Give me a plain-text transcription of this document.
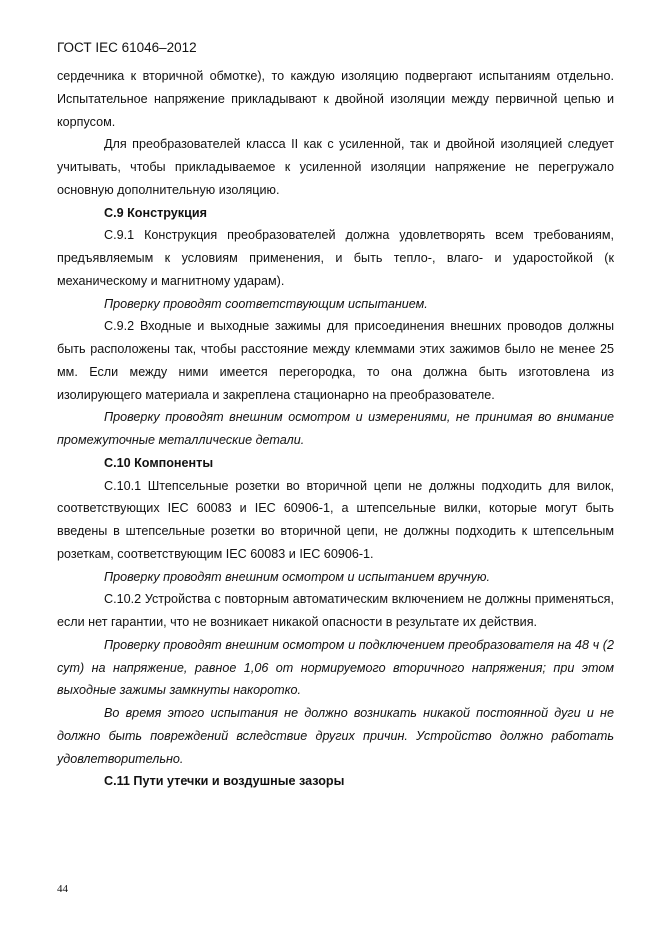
ГОСТ IEC 61046–2012

сердечника к вторичной обмотке), то каждую изоляцию подвергают испытаниям отдельно. Испытательное напряжение прикладывают к двойной изоляции между первичной цепью и корпусом.

Для преобразователей класса II как с усиленной, так и двойной изоляцией следует учитывать, чтобы прикладываемое к усиленной изоляции напряжение не перегружало основную дополнительную изоляцию.

С.9 Конструкция

С.9.1 Конструкция преобразователей должна удовлетворять всем требованиям, предъявляемым к условиям применения, и быть тепло-, влаго- и ударостойкой (к механическому и магнитному ударам).

Проверку проводят соответствующим испытанием.

С.9.2 Входные и выходные зажимы для присоединения внешних проводов должны быть расположены так, чтобы расстояние между клеммами этих зажимов было не менее 25 мм. Если между ними имеется перегородка, то она должна быть изготовлена из изолирующего материала и закреплена стационарно на преобразователе.

Проверку проводят внешним осмотром и измерениями, не принимая во внимание промежуточные металлические детали.

С.10 Компоненты

С.10.1 Штепсельные розетки во вторичной цепи не должны подходить для вилок, соответствующих IEC 60083 и IEC 60906-1, а штепсельные вилки, которые могут быть введены в штепсельные розетки во вторичной цепи, не должны подходить к штепсельным розеткам, соответствующим IEC 60083 и IEC 60906-1.

Проверку проводят внешним осмотром и испытанием вручную.

С.10.2 Устройства с повторным автоматическим включением не должны применяться, если нет гарантии, что не возникает никакой опасности в результате их действия.

Проверку проводят внешним осмотром и подключением преобразователя на 48 ч (2 сут) на напряжение, равное 1,06 от нормируемого вторичного напряжения; при этом выходные зажимы замкнуты накоротко.

Во время этого испытания не должно возникать никакой постоянной дуги и не должно быть повреждений вследствие других причин. Устройство должно работать удовлетворительно.

С.11 Пути утечки и воздушные зазоры

44
